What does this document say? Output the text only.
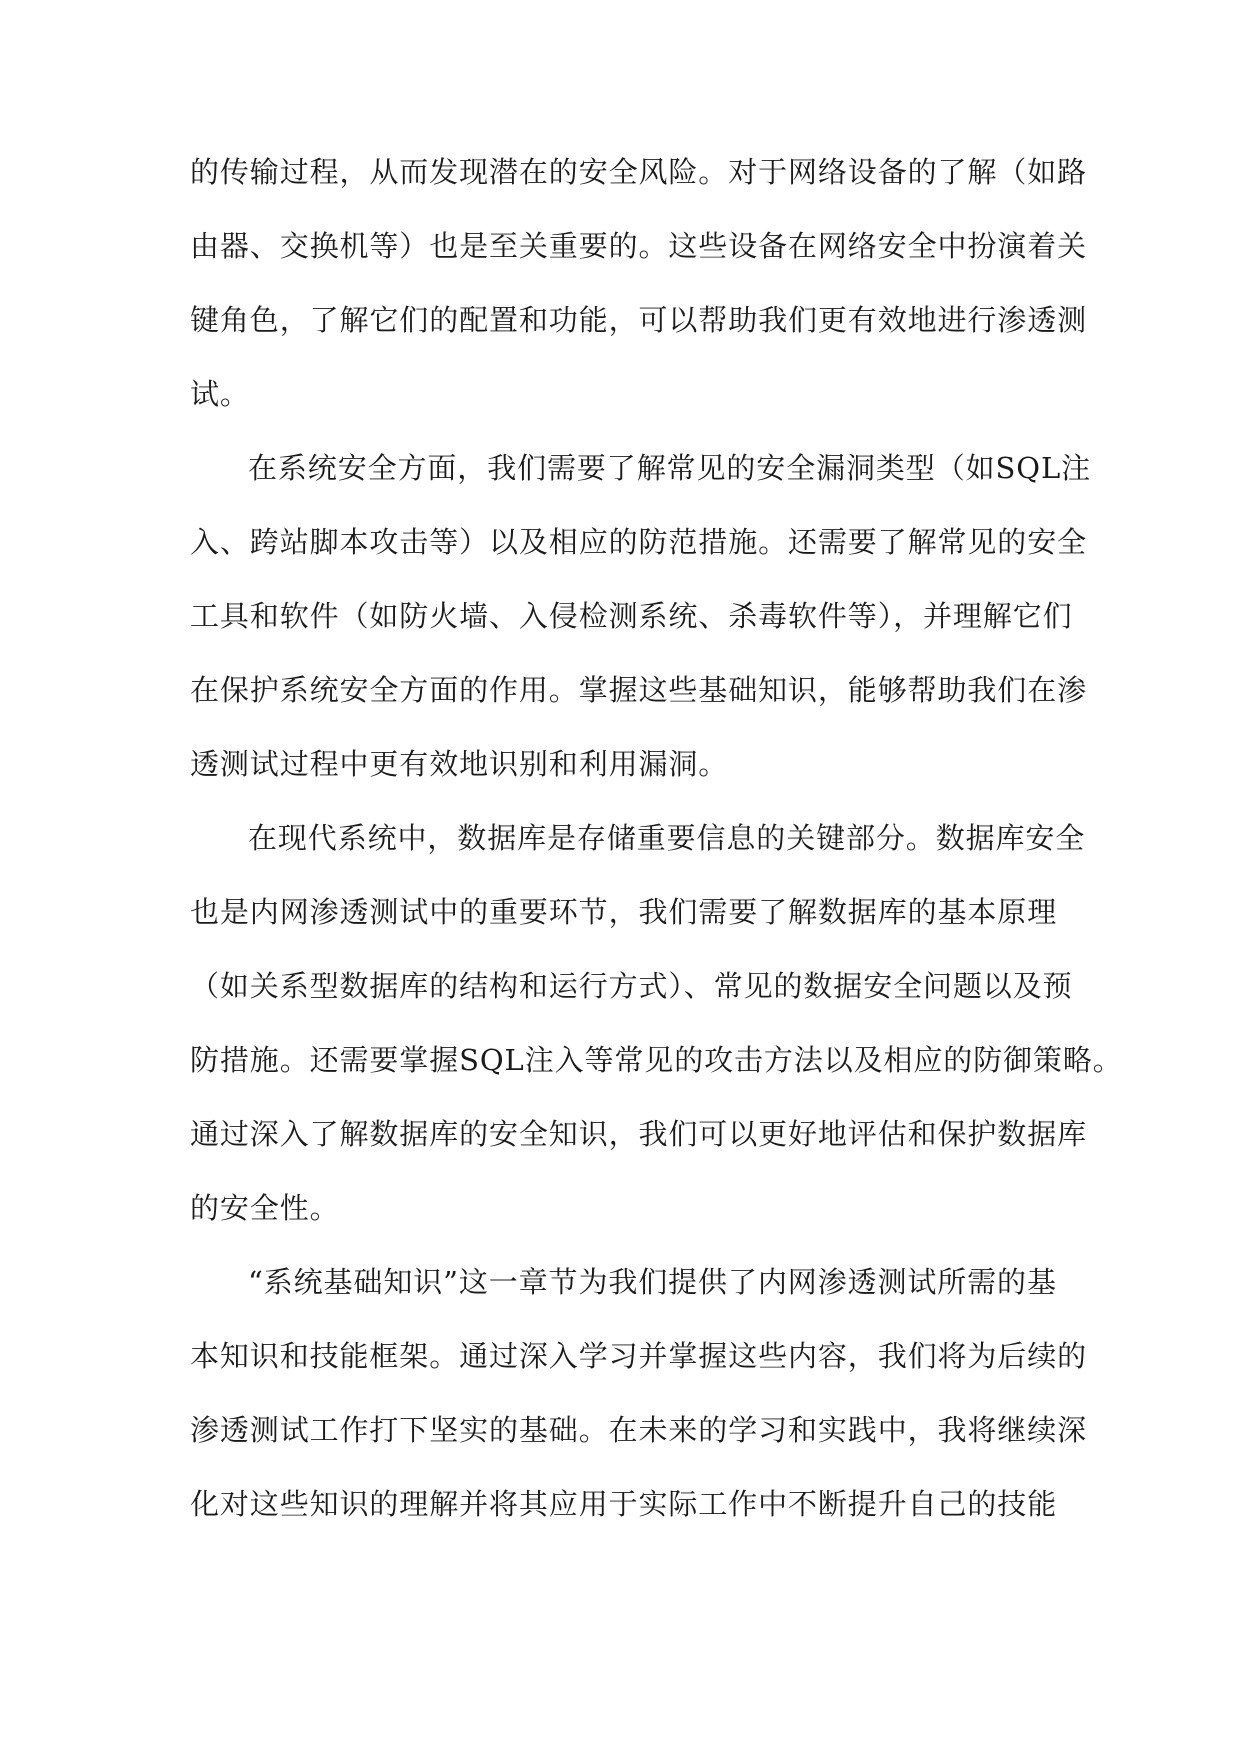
的传输过程，从而发现潜在的安全风险。对于网络设备的了解（如路
由器、交换机等）也是至关重要的。这些设备在网络安全中扮演着关
键角色，了解它们的配置和功能，可以帮助我们更有效地进行渗透测
试。
在系统安全方面，我们需要了解常见的安全漏洞类型（如SQL注
入、跨站脚本攻击等）以及相应的防范措施。还需要了解常见的安全
工具和软件（如防火墙、入侵检测系统、杀毒软件等），并理解它们
在保护系统安全方面的作用。掌握这些基础知识，能够帮助我们在渗
透测试过程中更有效地识别和利用漏洞。
在现代系统中，数据库是存储重要信息的关键部分。数据库安全
也是内网渗透测试中的重要环节，我们需要了解数据库的基本原理
（如关系型数据库的结构和运行方式）、常见的数据安全问题以及预
防措施。还需要掌握SQL注入等常见的攻击方法以及相应的防御策略。
通过深入了解数据库的安全知识，我们可以更好地评估和保护数据库
的安全性。
“系统基础知识”这一章节为我们提供了内网渗透测试所需的基
本知识和技能框架。通过深入学习并掌握这些内容，我们将为后续的
渗透测试工作打下坚实的基础。在未来的学习和实践中，我将继续深
化对这些知识的理解并将其应用于实际工作中不断提升自己的技能
